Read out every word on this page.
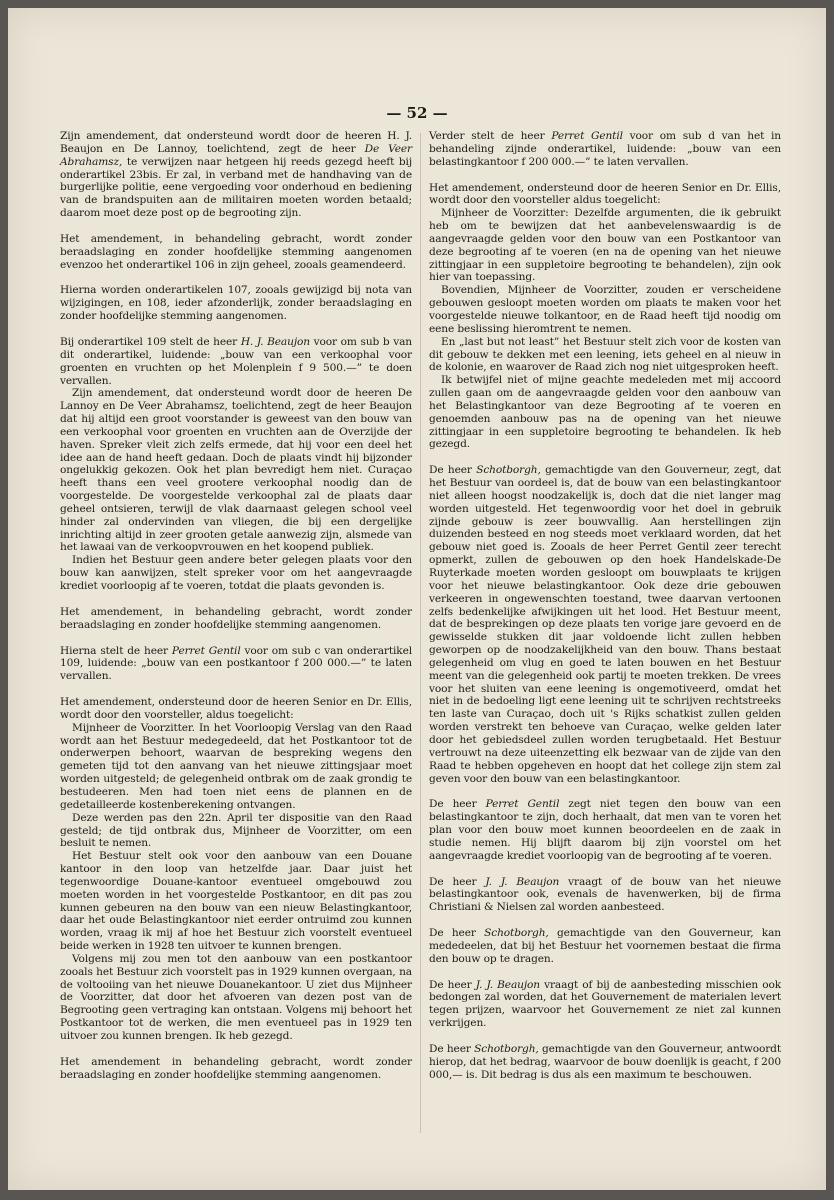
— 52 —

Zijn amendement, dat ondersteund wordt door de heeren H. J. Beaujon en De Lannoy, toelichtend, zegt de heer De Veer Abrahamsz, te verwijzen naar hetgeen hij reeds gezegd heeft bij onderartikel 23bis. Er zal, in verband met de handhaving van de burgerlijke politie, eene vergoeding voor onderhoud en bediening van de brandspuiten aan de militairen moeten worden betaald; daarom moet deze post op de begrooting zijn.

Het amendement, in behandeling gebracht, wordt zonder beraadslaging en zonder hoofdelijke stemming aangenomen evenzoo het onderartikel 106 in zijn geheel, zooals geamendeerd.

Hierna worden onderartikelen 107, zooals gewijzigd bij nota van wijzigingen, en 108, ieder afzonderlijk, zonder beraadslaging en zonder hoofdelijke stemming aangenomen.

Bij onderartikel 109 stelt de heer H. J. Beaujon voor om sub b van dit onderartikel, luidende: „bouw van een verkoophal voor groenten en vruchten op het Molenplein f 9 500.—” te doen vervallen.

Zijn amendement, dat ondersteund wordt door de heeren De Lannoy en De Veer Abrahamsz, toelichtend, zegt de heer Beaujon dat hij altijd een groot voorstander is geweest van den bouw van een verkoophal voor groenten en vruchten aan de Overzijde der haven. Spreker vleit zich zelfs ermede, dat hij voor een deel het idee aan de hand heeft gedaan. Doch de plaats vindt hij bijzonder ongelukkig gekozen. Ook het plan bevredigt hem niet. Curaçao heeft thans een veel grootere verkoophal noodig dan de voorgestelde. De voorgestelde verkoophal zal de plaats daar geheel ontsieren, terwijl de vlak daarnaast gelegen school veel hinder zal ondervinden van vliegen, die bij een dergelijke inrichting altijd in zeer grooten getale aanwezig zijn, alsmede van het lawaai van de verkoopvrouwen en het koopend publiek.

Indien het Bestuur geen andere beter gelegen plaats voor den bouw kan aanwijzen, stelt spreker voor om het aangevraagde krediet voorloopig af te voeren, totdat die plaats gevonden is.

Het amendement, in behandeling gebracht, wordt zonder beraadslaging en zonder hoofdelijke stemming aangenomen.

Hierna stelt de heer Perret Gentil voor om sub c van onderartikel 109, luidende: „bouw van een postkantoor f 200 000.—” te laten vervallen.

Het amendement, ondersteund door de heeren Senior en Dr. Ellis, wordt door den voorsteller, aldus toegelicht:

Mijnheer de Voorzitter. In het Voorloopig Verslag van den Raad wordt aan het Bestuur medegedeeld, dat het Postkantoor tot de onderwerpen behoort, waarvan de bespreking wegens den gemeten tijd tot den aanvang van het nieuwe zittingsjaar moet worden uitgesteld; de gelegenheid ontbrak om de zaak grondig te bestudeeren. Men had toen niet eens de plannen en de gedetailleerde kostenberekening ontvangen.

Deze werden pas den 22n. April ter dispositie van den Raad gesteld; de tijd ontbrak dus, Mijnheer de Voorzitter, om een besluit te nemen.

Het Bestuur stelt ook voor den aanbouw van een Douane kantoor in den loop van hetzelfde jaar. Daar juist het tegenwoordige Douane-kantoor eventueel omgebouwd zou moeten worden in het voorgestelde Postkantoor, en dit pas zou kunnen gebeuren na den bouw van een nieuw Belastingkantoor, daar het oude Belastingkantoor niet eerder ontruimd zou kunnen worden, vraag ik mij af hoe het Bestuur zich voorstelt eventueel beide werken in 1928 ten uitvoer te kunnen brengen.

Volgens mij zou men tot den aanbouw van een postkantoor zooals het Bestuur zich voorstelt pas in 1929 kunnen overgaan, na de voltooiing van het nieuwe Douanekantoor. U ziet dus Mijnheer de Voorzitter, dat door het afvoeren van dezen post van de Begrooting geen vertraging kan ontstaan. Volgens mij behoort het Postkantoor tot de werken, die men eventueel pas in 1929 ten uitvoer zou kunnen brengen. Ik heb gezegd.

Het amendement in behandeling gebracht, wordt zonder beraadslaging en zonder hoofdelijke stemming aangenomen.

Verder stelt de heer Perret Gentil voor om sub d van het in behandeling zijnde onderartikel, luidende: „bouw van een belastingkantoor f 200 000.—” te laten vervallen.

Het amendement, ondersteund door de heeren Senior en Dr. Ellis, wordt door den voorsteller aldus toegelicht:

Mijnheer de Voorzitter: Dezelfde argumenten, die ik gebruikt heb om te bewijzen dat het aanbevelenswaardig is de aangevraagde gelden voor den bouw van een Postkantoor van deze begrooting af te voeren (en na de opening van het nieuwe zittingjaar in een suppletoire begrooting te behandelen), zijn ook hier van toepassing.

Bovendien, Mijnheer de Voorzitter, zouden er verscheidene gebouwen gesloopt moeten worden om plaats te maken voor het voorgestelde nieuwe tolkantoor, en de Raad heeft tijd noodig om eene beslissing hieromtrent te nemen.

En „last but not least” het Bestuur stelt zich voor de kosten van dit gebouw te dekken met een leening, iets geheel en al nieuw in de kolonie, en waarover de Raad zich nog niet uitgesproken heeft.

Ik betwijfel niet of mijne geachte medeleden met mij accoord zullen gaan om de aangevraagde gelden voor den aanbouw van het Belastingkantoor van deze Begrooting af te voeren en genoemden aanbouw pas na de opening van het nieuwe zittingjaar in een suppletoire begrooting te behandelen. Ik heb gezegd.

De heer Schotborgh, gemachtigde van den Gouverneur, zegt, dat het Bestuur van oordeel is, dat de bouw van een belastingkantoor niet alleen hoogst noodzakelijk is, doch dat die niet langer mag worden uitgesteld. Het tegenwoordig voor het doel in gebruik zijnde gebouw is zeer bouwvallig. Aan herstellingen zijn duizenden besteed en nog steeds moet verklaard worden, dat het gebouw niet goed is. Zooals de heer Perret Gentil zeer terecht opmerkt, zullen de gebouwen op den hoek Handelskade-De Ruyterkade moeten worden gesloopt om bouwplaats te krijgen voor het nieuwe belastingkantoor. Ook deze drie gebouwen verkeeren in ongewenschten toestand, twee daarvan vertoonen zelfs bedenkelijke afwijkingen uit het lood. Het Bestuur meent, dat de besprekingen op deze plaats ten vorige jare gevoerd en de gewisselde stukken dit jaar voldoende licht zullen hebben geworpen op de noodzakelijkheid van den bouw. Thans bestaat gelegenheid om vlug en goed te laten bouwen en het Bestuur meent van die gelegenheid ook partij te moeten trekken. De vrees voor het sluiten van eene leening is ongemotiveerd, omdat het niet in de bedoeling ligt eene leening uit te schrijven rechtstreeks ten laste van Curaçao, doch uit 's Rijks schatkist zullen gelden worden verstrekt ten behoeve van Curaçao, welke gelden later door het gebiedsdeel zullen worden terugbetaald. Het Bestuur vertrouwt na deze uiteenzetting elk bezwaar van de zijde van den Raad te hebben opgeheven en hoopt dat het college zijn stem zal geven voor den bouw van een belastingkantoor.

De heer Perret Gentil zegt niet tegen den bouw van een belastingkantoor te zijn, doch herhaalt, dat men van te voren het plan voor den bouw moet kunnen beoordeelen en de zaak in studie nemen. Hij blijft daarom bij zijn voorstel om het aangevraagde krediet voorloopig van de begrooting af te voeren.

De heer J. J. Beaujon vraagt of de bouw van het nieuwe belastingkantoor ook, evenals de havenwerken, bij de firma Christiani & Nielsen zal worden aanbesteed.

De heer Schotborgh, gemachtigde van den Gouverneur, kan mededeelen, dat bij het Bestuur het voornemen bestaat die firma den bouw op te dragen.

De heer J. J. Beaujon vraagt of bij de aanbesteding misschien ook bedongen zal worden, dat het Gouvernement de materialen levert tegen prijzen, waarvoor het Gouvernement ze niet zal kunnen verkrijgen.

De heer Schotborgh, gemachtigde van den Gouverneur, antwoordt hierop, dat het bedrag, waarvoor de bouw doenlijk is geacht, f 200 000,— is. Dit bedrag is dus als een maximum te beschouwen.
